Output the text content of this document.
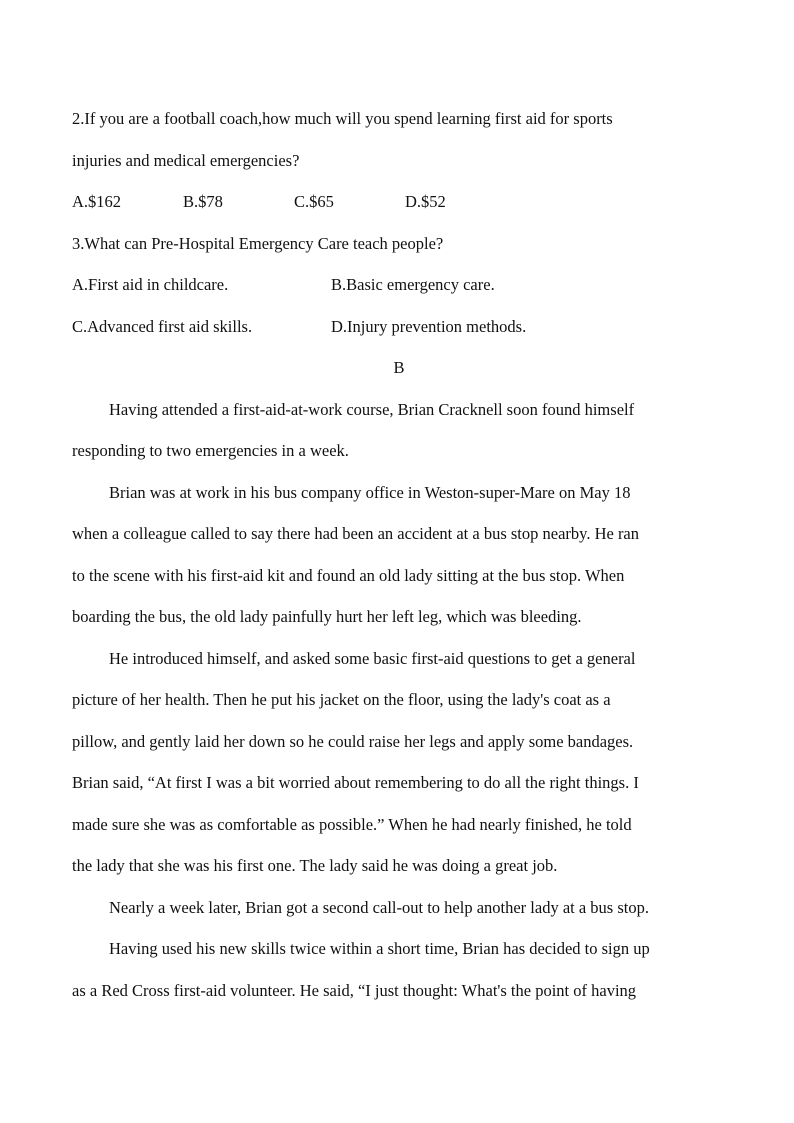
2.If you are a football coach,how much will you spend learning first aid for sports
injuries and medical emergencies?
A.$162	B.$78	C.$65	D.$52
3.What can Pre-Hospital Emergency Care teach people?
A.First aid in childcare.	B.Basic emergency care.
C.Advanced first aid skills.	D.Injury prevention methods.
B
Having attended a first-aid-at-work course, Brian Cracknell soon found himself
responding to two emergencies in a week.
Brian was at work in his bus company office in Weston-super-Mare on May 18
when a colleague called to say there had been an accident at a bus stop nearby. He ran
to the scene with his first-aid kit and found an old lady sitting at the bus stop. When
boarding the bus, the old lady painfully hurt her left leg, which was bleeding.
He introduced himself, and asked some basic first-aid questions to get a general
picture of her health. Then he put his jacket on the floor, using the lady's coat as a
pillow, and gently laid her down so he could raise her legs and apply some bandages.
Brian said, “At first I was a bit worried about remembering to do all the right things. I
made sure she was as comfortable as possible.” When he had nearly finished, he told
the lady that she was his first one. The lady said he was doing a great job.
Nearly a week later, Brian got a second call-out to help another lady at a bus stop.
Having used his new skills twice within a short time, Brian has decided to sign up
as a Red Cross first-aid volunteer. He said, “I just thought: What's the point of having
